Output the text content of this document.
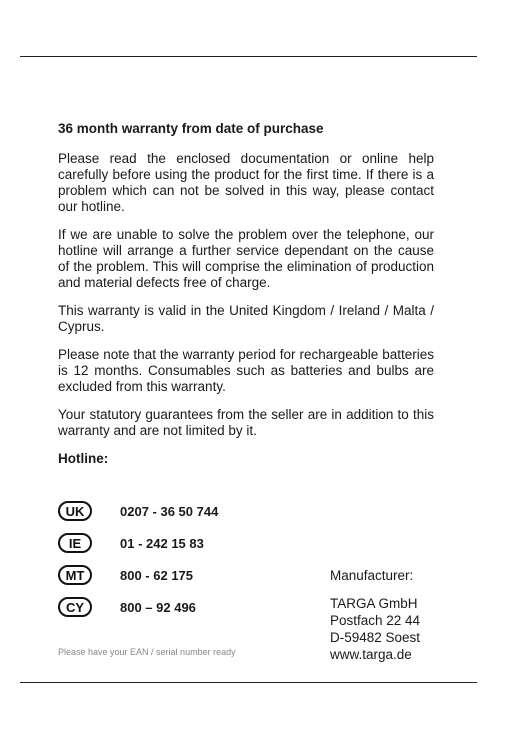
36 month warranty from date of purchase

Please read the enclosed documentation or online help carefully before using the product for the first time. If there is a problem which can not be solved in this way, please contact our hotline.

If we are unable to solve the problem over the telephone, our hotline will arrange a further service dependant on the cause of the problem. This will comprise the elimination of production and material defects free of charge.

This warranty is valid in the United Kingdom / Ireland / Malta / Cyprus.

Please note that the warranty period for rechargeable batteries is 12 months. Consumables such as batteries and bulbs are excluded from this warranty.

Your statutory guarantees from the seller are in addition to this warranty and are not limited by it.

Hotline:
UK	0207 - 36 50 744
IE	01 - 242 15 83
MT	800 - 62 175
CY	800 – 92 496
Please have your EAN / serial number ready
Manufacturer:
TARGA GmbH
Postfach 22 44
D-59482 Soest
www.targa.de
